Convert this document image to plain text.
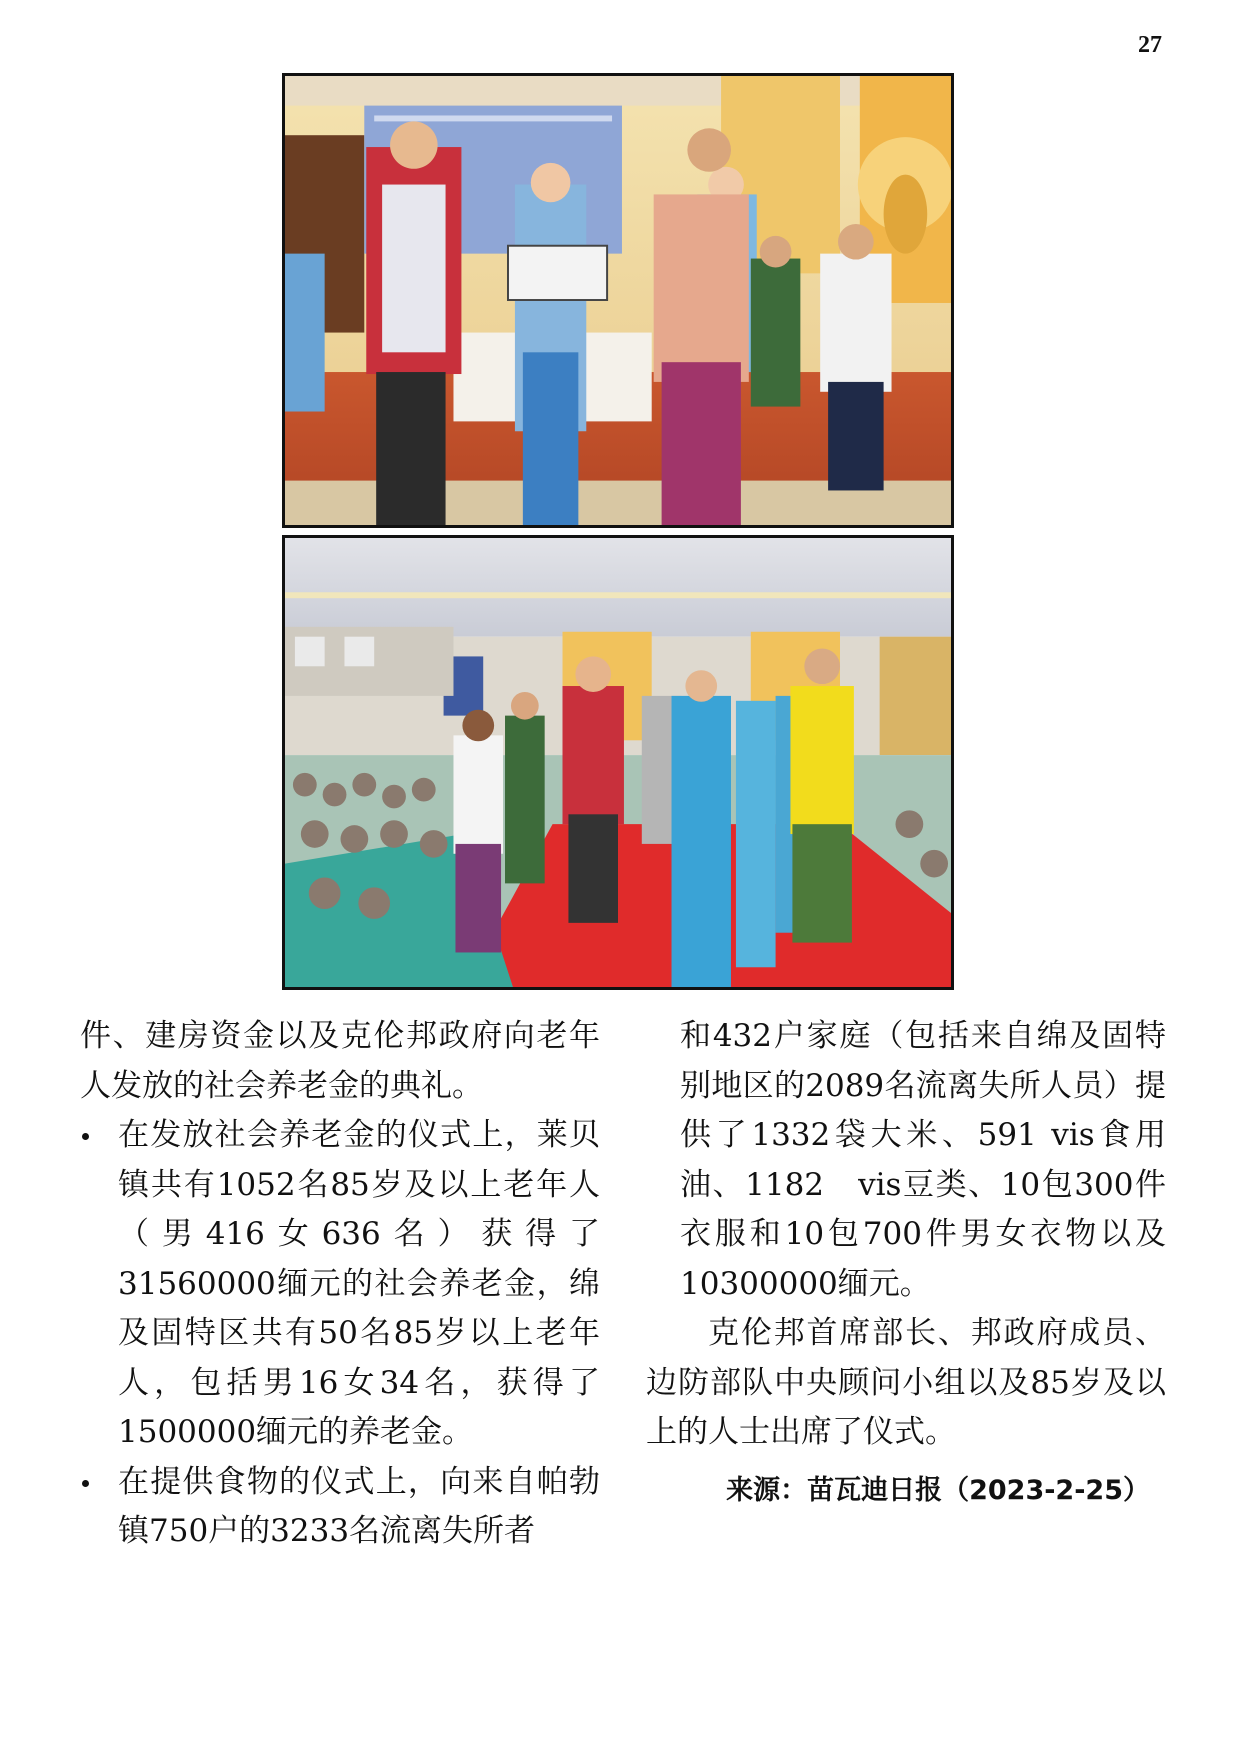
27

件、建房资金以及克伦邦政府向老年人发放的社会养老金的典礼。

在发放社会养老金的仪式上，莱贝镇共有1052名85岁及以上老年人（男416女636名）获得了31560000缅元的社会养老金，绵及固特区共有50名85岁以上老年人，包括男16女34名，获得了1500000缅元的养老金。
在提供食物的仪式上，向来自帕勃镇750户的3233名流离失所者

和432户家庭（包括来自绵及固特别地区的2089名流离失所人员）提供了1332袋大米、591 vis食用油、1182　vis豆类、10包300件衣服和10包700件男女衣物以及10300000缅元。

克伦邦首席部长、邦政府成员、边防部队中央顾问小组以及85岁及以上的人士出席了仪式。

来源：苗瓦迪日报（2023-2-25）
